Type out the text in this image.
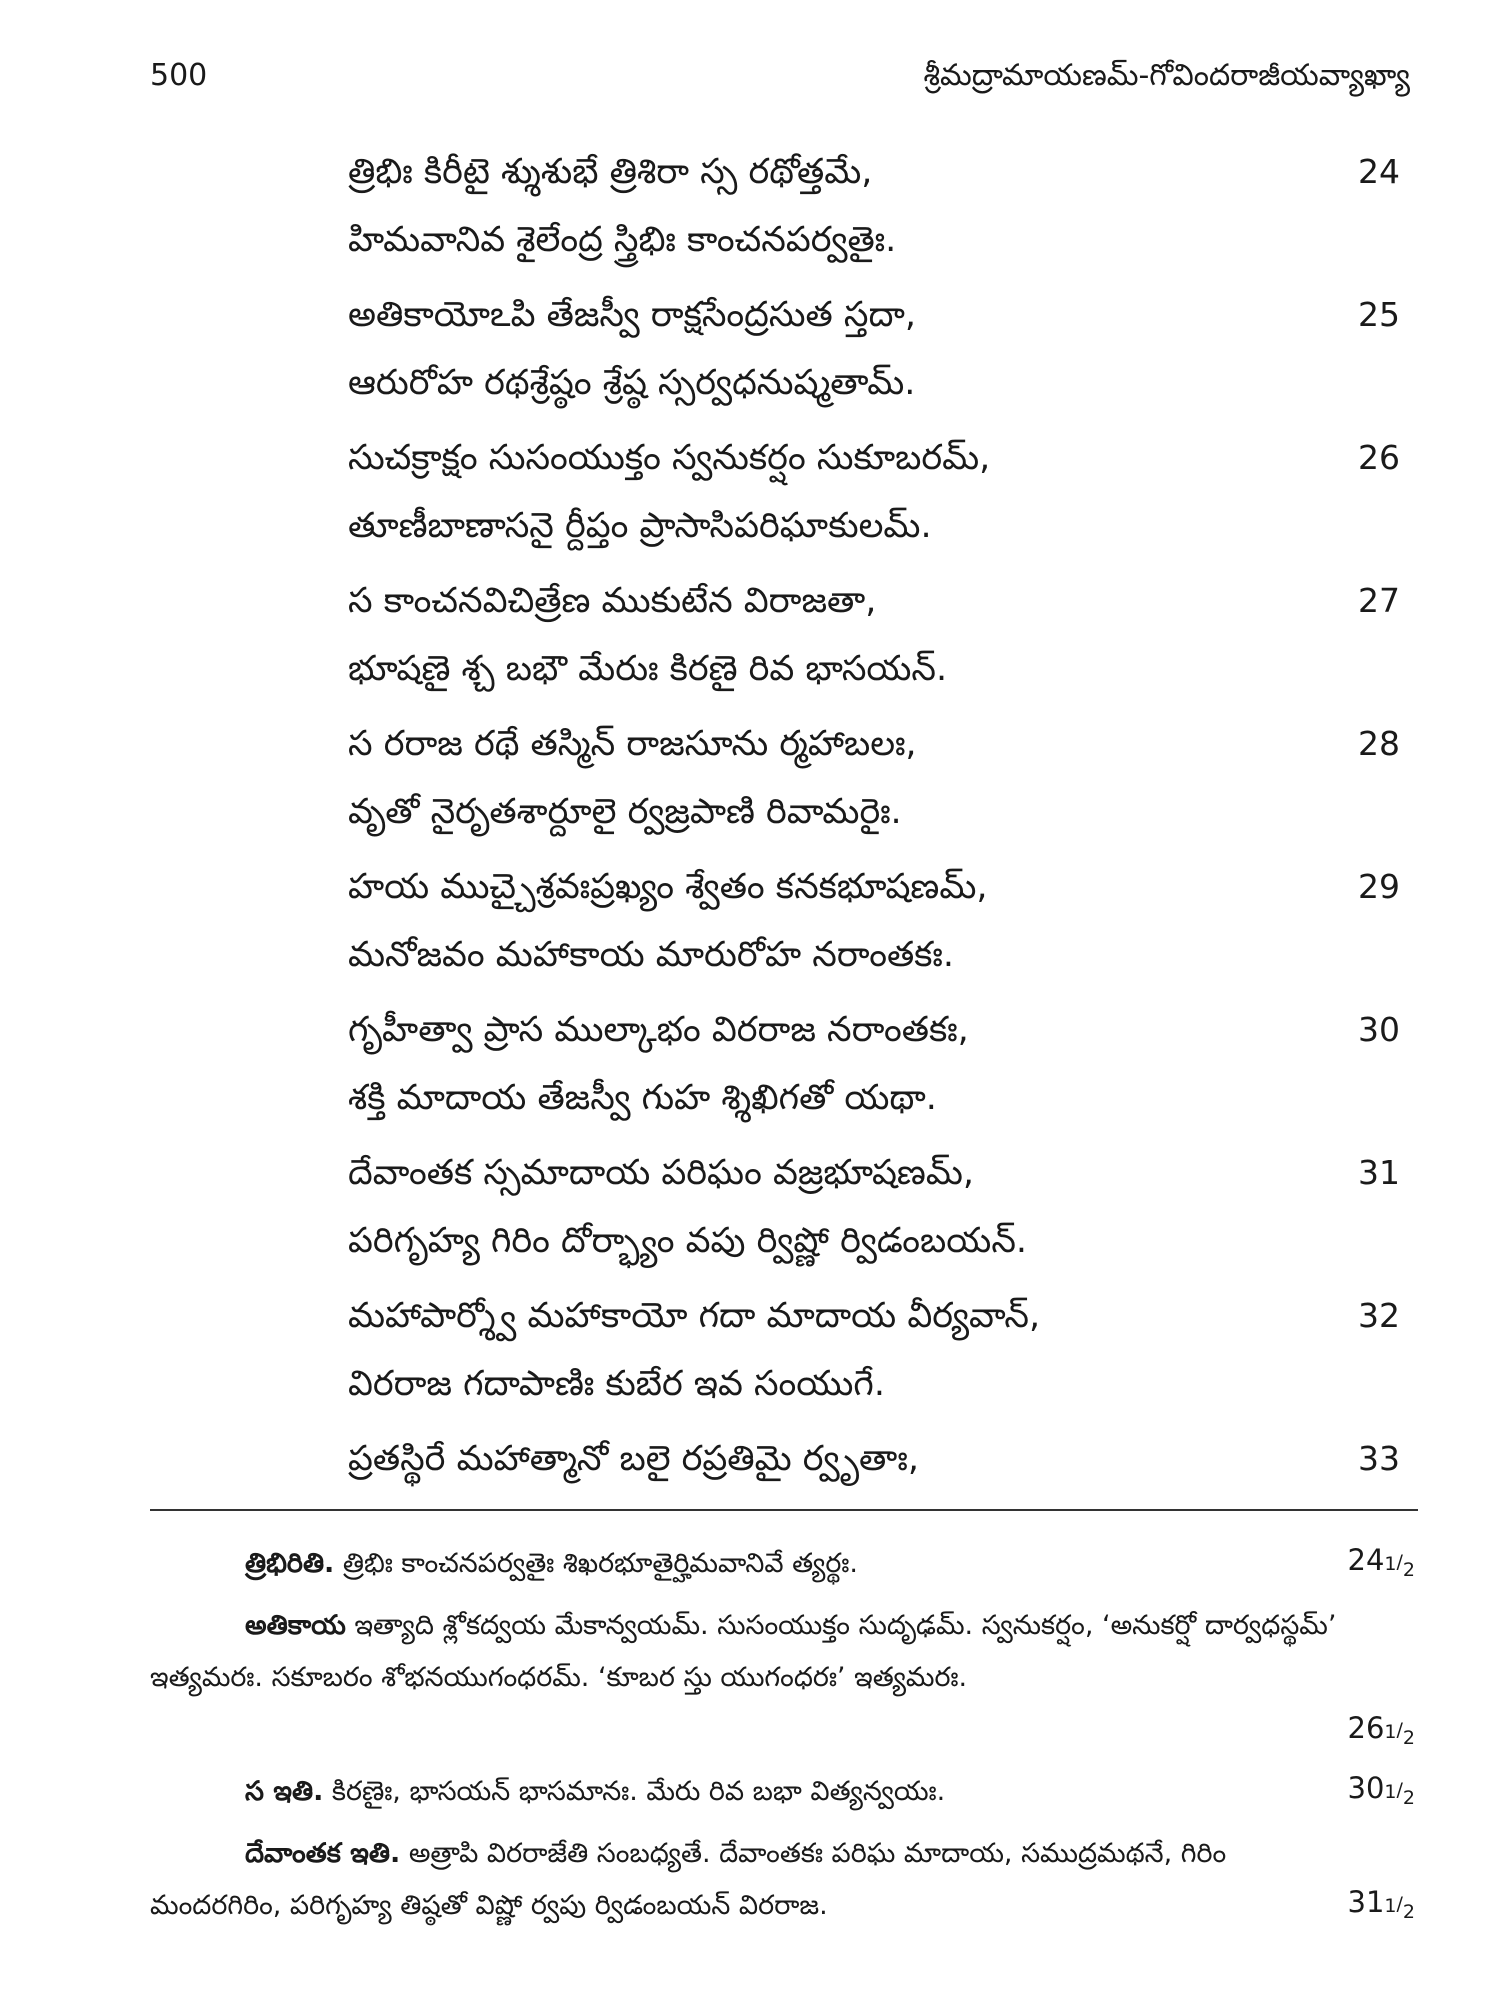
500	శ్రీమద్రామాయణమ్-గోవిందరాజీయవ్యాఖ్యా
త్రిభిః కిరీటై శ్శుశుభే త్రిశిరా స్స రథోత్తమే,
హిమవానివ శైలేంద్ర స్త్రిభిః కాంచనపర్వతైః.
24
అతికాయోఽపి తేజస్వీ రాక్షసేంద్రసుత స్తదా,
ఆరురోహ రథశ్రేష్ఠం శ్రేష్ఠ స్సర్వధనుష్మతామ్.
25
సుచక్రాక్షం సుసంయుక్తం స్వనుకర్షం సుకూబరమ్,
తూణీబాణాసనై ర్దీప్తం ప్రాసాసిపరిఘాకులమ్.
26
స కాంచనవిచిత్రేణ ముకుటేన విరాజతా,
భూషణై శ్చ బభౌ మేరుః కిరణై రివ భాసయన్.
27
స రరాజ రథే తస్మిన్ రాజసూను ర్మహాబలః,
వృతో నైరృతశార్దూలై ర్వజ్రపాణి రివామరైః.
28
హయ ముచ్చైశ్రవఃప్రఖ్యం శ్వేతం కనకభూషణమ్,
మనోజవం మహాకాయ మారురోహ నరాంతకః.
29
గృహీత్వా ప్రాస ముల్కాభం విరరాజ నరాంతకః,
శక్తి మాదాయ తేజస్వీ గుహ శ్శిఖిగతో యథా.
30
దేవాంతక స్సమాదాయ పరిఘం వజ్రభూషణమ్,
పరిగృహ్య గిరిం దోర్భ్యాం వపు ర్విష్ణో ర్విడంబయన్.
31
మహాపార్శ్వో మహాకాయో గదా మాదాయ వీర్యవాన్,
విరరాజ గదాపాణిః కుబేర ఇవ సంయుగే.
32
ప్రతస్థిరే మహాత్మానో బలై రప్రతిమై ర్వృతాః,	33
త్రిభిరితి. త్రిభిః కాంచనపర్వతైః శిఖరభూతైర్హిమవానివే త్యర్థః.	241/2
అతికాయ ఇత్యాది శ్లోకద్వయ మేకాన్వయమ్. సుసంయుక్తం సుదృఢమ్. స్వనుకర్షం, ‘అనుకర్షో దార్వధస్థమ్’ ఇత్యమరః. సకూబరం శోభనయుగంధరమ్. ‘కూబర స్తు యుగంధరః’ ఇత్యమరః.
261/2
స ఇతి. కిరణైః, భాసయన్ భాసమానః. మేరు రివ బభా విత్యన్వయః.	301/2
దేవాంతక ఇతి. అత్రాపి విరరాజేతి సంబధ్యతే. దేవాంతకః పరిఘ మాదాయ, సముద్రమథనే, గిరిం మందరగిరిం, పరిగృహ్య తిష్ఠతో విష్ణో ర్వపు ర్విడంబయన్ విరరాజ.	311/2
